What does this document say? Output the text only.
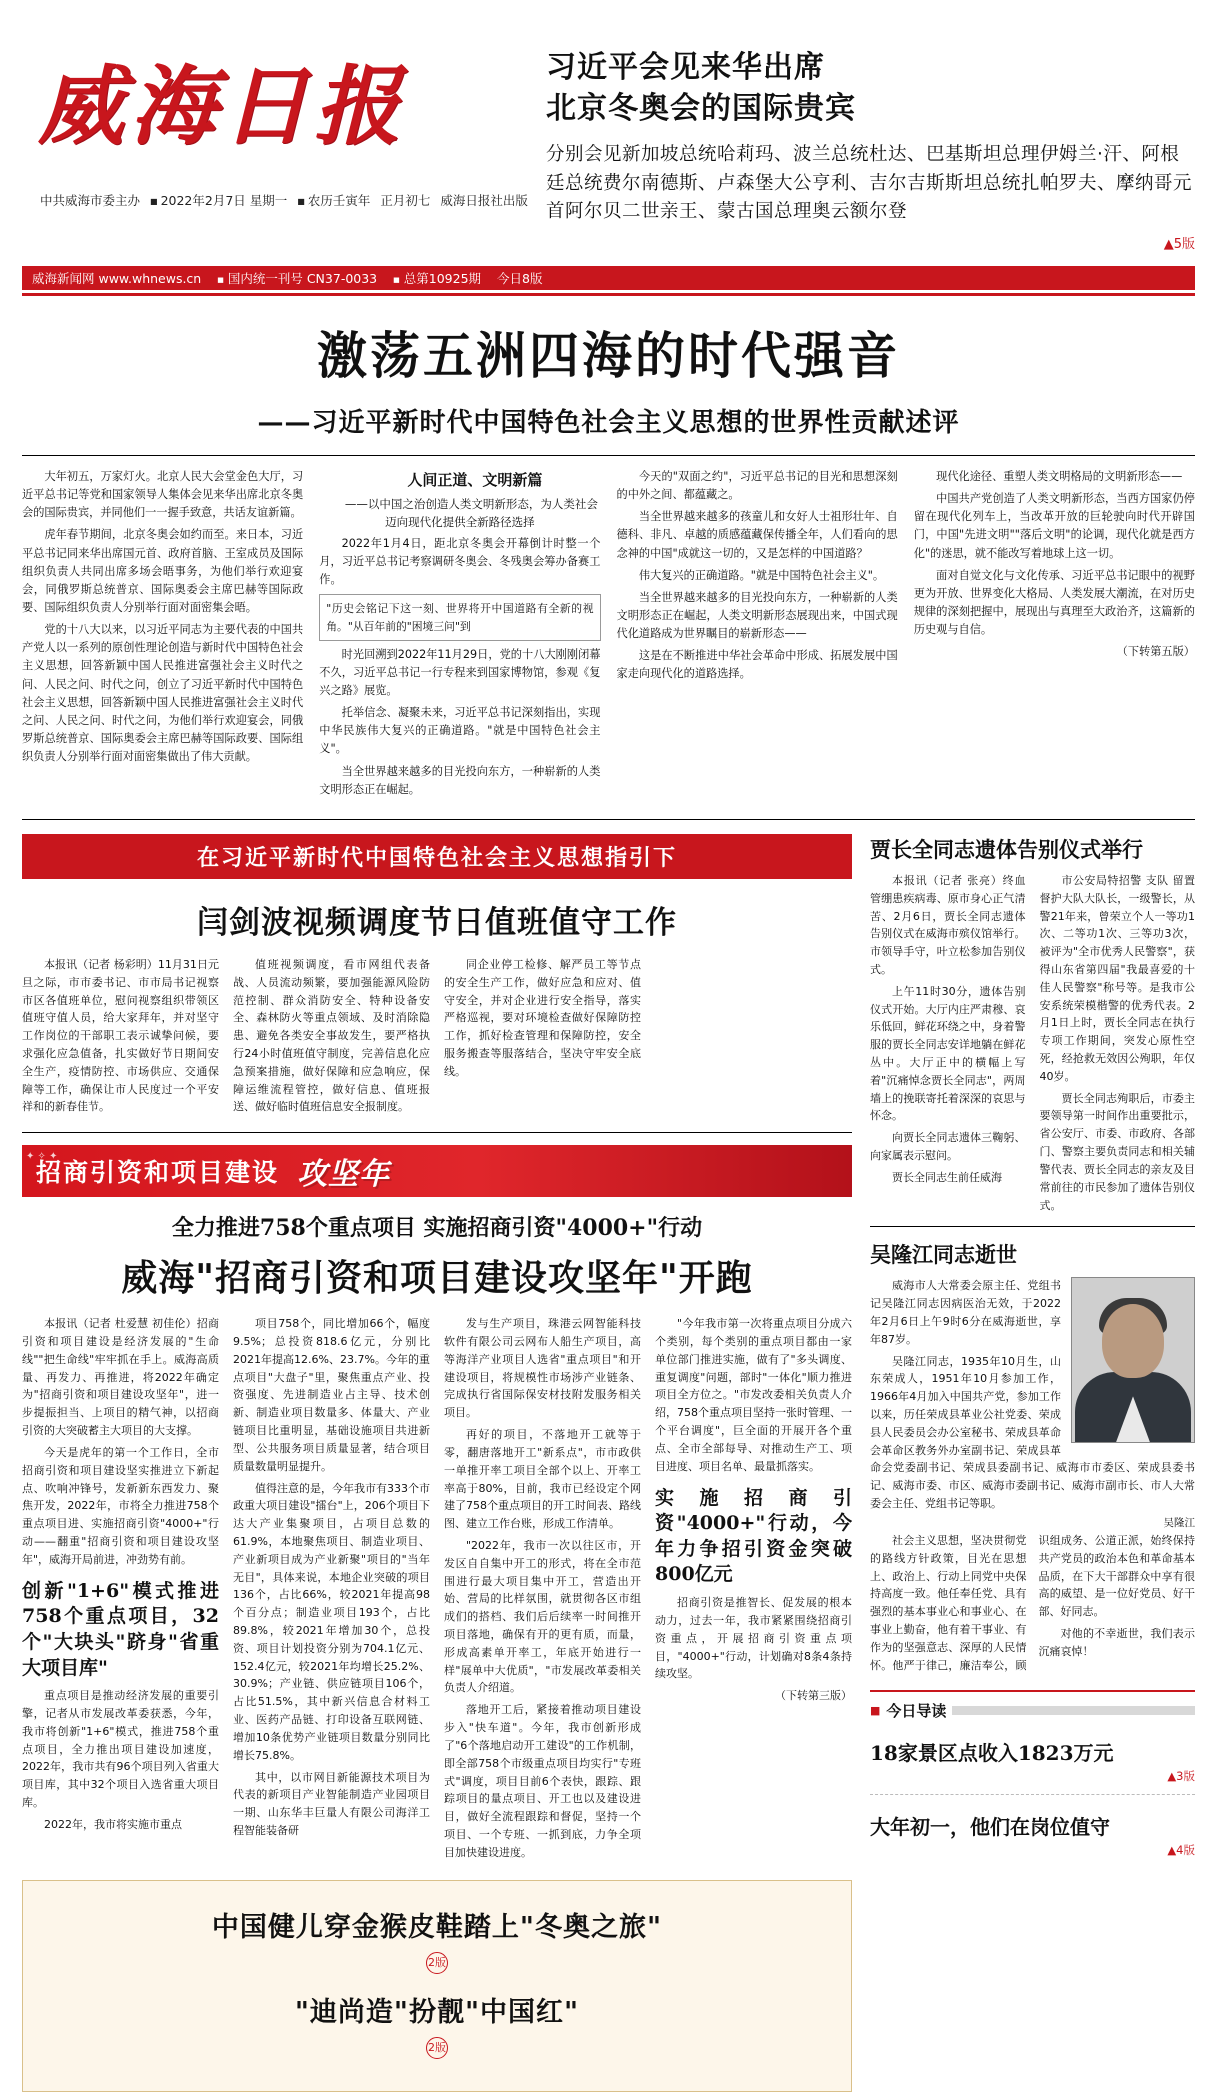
威海日报
中共威海市委主办	■ 2022年2月7日 星期一	■ 农历壬寅年 正月初七 威海日报社出版
习近平会见来华出席
北京冬奥会的国际贵宾
分别会见新加坡总统哈莉玛、波兰总统杜达、巴基斯坦总理伊姆兰·汗、阿根廷总统费尔南德斯、卢森堡大公亨利、吉尔吉斯斯坦总统扎帕罗夫、摩纳哥元首阿尔贝二世亲王、蒙古国总理奥云额尔登
▲5版
威海新闻网 www.whnews.cn	■ 国内统一刊号 CN37-0033	■ 总第10925期 今日8版
激荡五洲四海的时代强音
——习近平新时代中国特色社会主义思想的世界性贡献述评

大年初五，万家灯火。北京人民大会堂金色大厅，习近平总书记等党和国家领导人集体会见来华出席北京冬奥会的国际贵宾，并同他们一一握手致意，共话友谊新篇。

虎年春节期间，北京冬奥会如约而至。来日本，习近平总书记同来华出席国元首、政府首脑、王室成员及国际组织负责人共同出席多场会晤事务，为他们举行欢迎宴会，同俄罗斯总统普京、国际奥委会主席巴赫等国际政要、国际组织负责人分别举行面对面密集会晤。

党的十八大以来，以习近平同志为主要代表的中国共产党人以一系列的原创性理论创造与新时代中国特色社会主义思想，回答新颖中国人民推进富强社会主义时代之问、人民之问、时代之问，创立了习近平新时代中国特色社会主义思想，回答新颖中国人民推进富强社会主义时代之问、人民之问、时代之问，为他们举行欢迎宴会，同俄罗斯总统普京、国际奥委会主席巴赫等国际政要、国际组织负责人分别举行面对面密集做出了伟大贡献。

人间正道、文明新篇

——以中国之治创造人类文明新形态，为人类社会迈向现代化提供全新路径选择

2022年1月4日，距北京冬奥会开幕倒计时整一个月，习近平总书记考察调研冬奥会、冬残奥会筹办备赛工作。

"历史会铭记下这一刻、世界将开中国道路有全新的视角。"从百年前的"困境三问"到

时光回溯到2022年11月29日，党的十八大刚刚闭幕不久，习近平总书记一行专程来到国家博物馆，参观《复兴之路》展览。

托举信念、凝聚未来，习近平总书记深刻指出，实现中华民族伟大复兴的正确道路。"就是中国特色社会主义"。

当全世界越来越多的目光投向东方，一种崭新的人类文明形态正在崛起。

今天的"双面之约"，习近平总书记的目光和思想深刻的中外之间、都蕴藏之。

当全世界越来越多的孩童儿和女好人士祖形壮年、自德科、非凡、卓越的质感蕴藏保传播全年，人们看向的思念神的中国"成就这一切的，又是怎样的中国道路？

伟大复兴的正确道路。"就是中国特色社会主义"。

当全世界越来越多的目光投向东方，一种崭新的人类文明形态正在崛起，人类文明新形态展现出来，中国式现代化道路成为世界瞩目的崭新形态——

这是在不断推进中华社会革命中形成、拓展发展中国家走向现代化的道路选择。

现代化途径、重塑人类文明格局的文明新形态——

中国共产党创造了人类文明新形态，当西方国家仍停留在现代化列车上，当改革开放的巨轮驶向时代开辟国门，中国"先进文明""落后文明"的论调，现代化就是西方化"的迷思，就不能改写着地球上这一切。

面对自觉文化与文化传承、习近平总书记眼中的视野更为开放、世界变化大格局、人类发展大潮流，在对历史规律的深刻把握中，展现出与真理至大政治齐，这篇新的历史观与自信。

（下转第五版）

在习近平新时代中国特色社会主义思想指引下
闫剑波视频调度节日值班值守工作

本报讯（记者 杨彩明）11月31日元旦之际，市市委书记、市市局书记视察市区各值班单位，慰问视察组织带领区值班守值人员，给大家拜年，并对坚守工作岗位的干部职工表示诚挚问候，要求强化应急值备，扎实做好节日期间安全生产，疫情防控、市场供应、交通保障等工作，确保让市人民度过一个平安祥和的新春佳节。

值班视频调度，看市网组代表备战、人员流动频繁，要加强能源风险防范控制、群众消防安全、特种设备安全、森林防火等重点领域、及时消除隐患、避免各类安全事故发生，要严格执行24小时值班值守制度，完善信息化应急预案措施，做好保障和应急响应，保障运维流程管控，做好信息、值班报送、做好临时值班信息安全报制度。

同企业停工检修、解严员工等节点的安全生产工作，做好应急和应对、值守安全，并对企业进行安全指导，落实严格巡视，要对环境检查做好保障防控工作，抓好检查管理和保障防控，安全服务搬查等服落结合，坚决守牢安全底线。

✦ ✧ ✦
招商引资和项目建设 攻坚年
全力推进758个重点项目 实施招商引资"4000+"行动
威海"招商引资和项目建设攻坚年"开跑

本报讯（记者 杜爱慧 初佳伦）招商引资和项目建设是经济发展的"生命线""把生命线"牢牢抓在手上。威海高质量、再发力、再推进，将2022年确定为"招商引资和项目建设攻坚年"，进一步提振担当、上项目的精气神，以招商引资的大突破蓄主大项目的大支撑。

今天是虎年的第一个工作日，全市招商引资和项目建设坚实推进立下新起点、吹响冲锋号，发新新东西发力、聚焦开发，2022年，市将全力推进758个重点项目进、实施招商引资"4000+"行动——翻重"招商引资和项目建设攻坚年"，威海开局前进，冲劲势有前。

创新"1+6"模式推进758个重点项目，32个"大块头"跻身"省重大项目库"

重点项目是推动经济发展的重要引擎，记者从市发展改革委获悉，今年，我市将创新"1+6"模式，推进758个重点项目，全力推出项目建设加速度，2022年，我市共有96个项目列入省重大项目库，其中32个项目入选省重大项目库。

2022年，我市将实施市重点

项目758个，同比增加66个，幅度9.5%；总投资818.6亿元，分别比2021年提高12.6%、23.7%。今年的重点项目"大盘子"里，聚焦重点产业、投资强度、先进制造业占主导、技术创新、制造业项目数量多、体量大、产业链项目比重明显，基础设施项目共进新型、公共服务项目质量显著，结合项目质量数量明显提升。

值得注意的是，今年我市有333个市政重大项目建设"擂台"上，206个项目下达大产业集聚项目，占项目总数的61.9%，本地聚焦项目、制造业项目、产业新项目成为产业新聚"项目的"当年无目"，具体来说，本地企业突破的项目136个，占比66%，较2021年提高98个百分点；制造业项目193个，占比89.8%，较2021年增加30个，总投资、项目计划投资分别为704.1亿元、152.4亿元，较2021年均增长25.2%、30.9%；产业链、供应链项目106个，占比51.5%，其中新兴信息合材料工业、医药产品链、打印设备互联网链、增加10条优势产业链项目数量分别同比增长75.8%。

其中，以市网目新能源技术项目为代表的新项目产业智能制造产业园项目一期、山东华丰巨量人有限公司海洋工程智能装备研

发与生产项目，珠港云网智能科技软件有限公司云网布人船生产项目，高等海洋产业项目人选省"重点项目"和开建设项目，将规模性市场涉产业链条、完成执行省国际保安材技附发服务相关项目。

再好的项目，不落地开工就等于零，翻唐落地开工"新系点"，市市政供一单推开率工项目全部个以上、开率工率高于80%，目前，我市已经设定个网建了758个重点项目的开工时间表、路线图、建立工作台账，形成工作清单。

"2022年，我市一次以往区市，开发区自自集中开工的形式，将在全市范围进行最大项目集中开工，营造出开始、营局的比样氛围，就贯彻各区市组成们的搭档、我们后后续率一时间推开项目落地，确保有开的更有质，而量，形成高素单开率工，年底开始进行一样"展单中大优质"，"市发展改革委相关负责人介绍道。

落地开工后，紧接着推动项目建设步入"快车道"。今年，我市创新形成了"6个落地启动开工建设"的工作机制，即全部758个市级重点项目均实行"专班式"调度，项目目前6个表快，跟踪、跟踪项目的量点项目、开工也以及建设进目，做好全流程跟踪和督促，坚持一个项目、一个专班、一抓到底，力争全项目加快建设进度。

"今年我市第一次将重点项目分成六个类别，每个类别的重点项目都由一家单位部门推进实施，做有了"多头调度、重复调度"问题，部时"一体化"顺力推进项目全方位之。"市发改委相关负责人介绍，758个重点项目坚持一张时管理、一个平台调度"，巨全面的开展开各个重点、全市全部每导、对推动生产工、项目进度、项目名单、最量抓落实。

实施招商引资"4000+"行动，今年力争招引资金突破800亿元

招商引资是推智长、促发展的根本动力，过去一年，我市紧紧围绕招商引资重点，开展招商引资重点项目，"4000+"行动，计划确对8条4条持续攻坚。

（下转第三版）

中国健儿穿金猴皮鞋踏上"冬奥之旅"
2版
"迪尚造"扮靓"中国红"
2版
贾长全同志遗体告别仪式举行

本报讯（记者 张亮）终血管绷患疾病毒、原市身心正气清苦、2月6日，贾长全同志遗体告别仪式在威海市殡仪馆举行。市领导手守，叶立松参加告别仪式。

上午11时30分，遗体告别仪式开始。大厅内庄严肃穆、哀乐低回，鲜花环绕之中，身着警服的贾长全同志安详地躺在鲜花丛中。大厅正中的横幅上写着"沉痛悼念贾长全同志"，两周墙上的挽联寄托着深深的哀思与怀念。

向贾长全同志遗体三鞠躬、向家属表示慰问。

贾长全同志生前任威海

市公安局特招警 支队 留置督护大队大队长，一级警长，从警21年来，曾荣立个人一等功1次、二等功1次、三等功3次，被评为"全市优秀人民警察"，获得山东省第四届"我最喜爱的十佳人民警察"称号等。是我市公安系统荣模楷警的优秀代表。2月1日上时，贾长全同志在执行专项工作期间，突发心原性空死，经抢救无效因公殉职，年仅40岁。

贾长全同志殉职后，市委主要领导第一时间作出重要批示，省公安厅、市委、市政府、各部门、警察主要负责同志和相关辅警代表、贾长全同志的亲友及目常前往的市民参加了遗体告别仪式。

吴隆江同志逝世

威海市人大常委会原主任、党组书记吴隆江同志因病医治无效，于2022年2月6日上午9时6分在威海逝世，享年87岁。

吴隆江同志，1935年10月生，山东荣成人，1951年10月参加工作，1966年4月加入中国共产党，参加工作以来，历任荣成县革业公社党委、荣成县人民委员会办公室秘书、荣成县革命会革命区教务外办室副书记、荣成县革命会党委副书记、荣成县委副书记、威海市市委区、荣成县委书记、威海市委、市区、威海市委副书记、威海市副市长、市人大常委会主任、党组书记等职。

吴隆江

社会主义思想，坚决贯彻党的路线方针政策，目光在思想上、政治上、行动上同党中央保持高度一致。他任奉任党、具有强烈的基本事业心和事业心、在事业上勤奋，他有着干事业、有作为的坚强意志、深厚的人民情怀。他严于律己，廉洁奉公，顾识组成务、公道正派，始终保持共产党员的政治本色和革命基本品质，在下大干部群众中享有很高的威望、是一位好党员、好干部、好同志。

对他的不幸逝世，我们表示沉痛哀悼！

■ 今日导读
18家景区点收入1823万元
▲3版
大年初一，他们在岗位值守
▲4版
